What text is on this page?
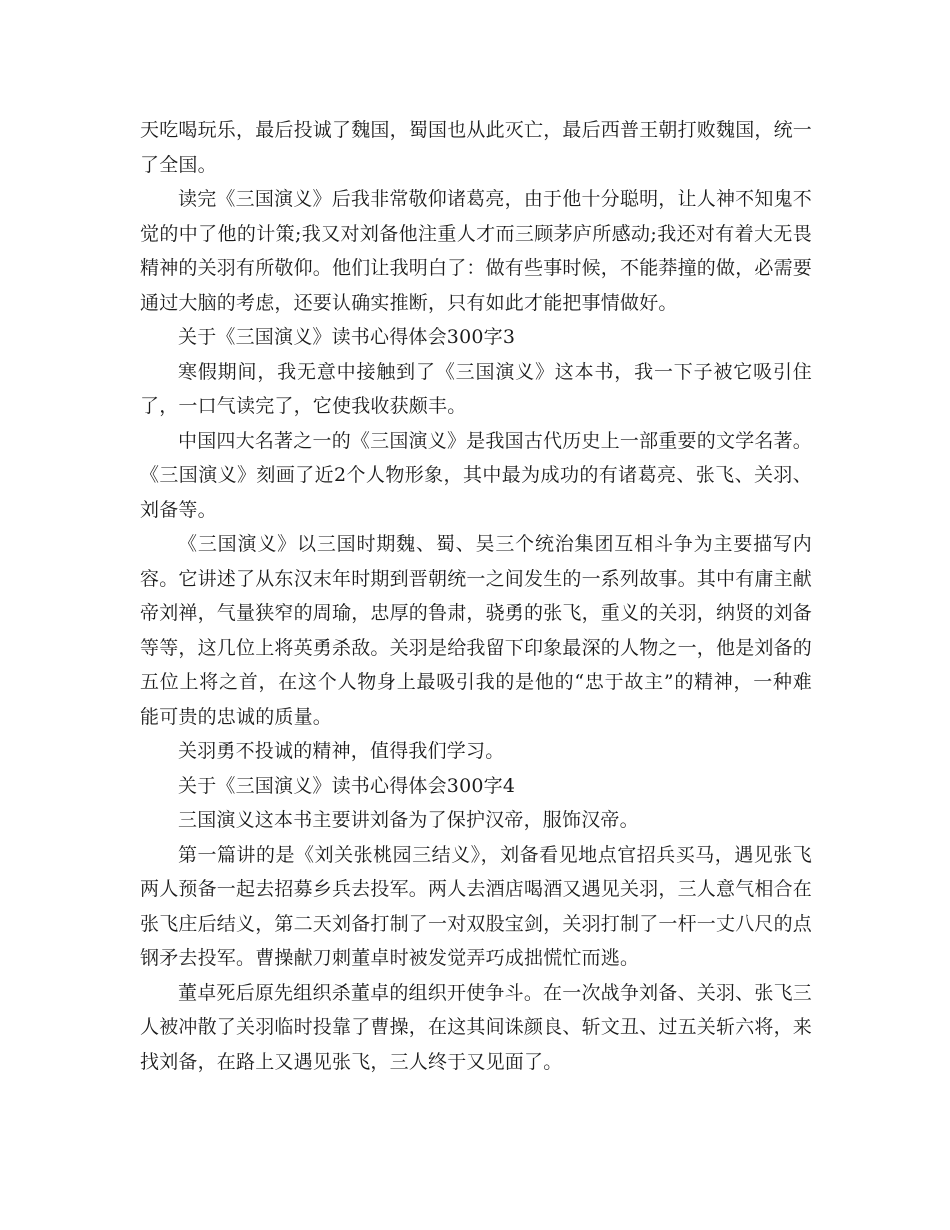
天吃喝玩乐，最后投诚了魏国，蜀国也从此灭亡，最后西普王朝打败魏国，统一了全国。

读完《三国演义》后我非常敬仰诸葛亮，由于他十分聪明，让人神不知鬼不觉的中了他的计策;我又对刘备他注重人才而三顾茅庐所感动;我还对有着大无畏精神的关羽有所敬仰。他们让我明白了：做有些事时候，不能莽撞的做，必需要通过大脑的考虑，还要认确实推断，只有如此才能把事情做好。

关于《三国演义》读书心得体会300字3

寒假期间，我无意中接触到了《三国演义》这本书，我一下子被它吸引住了，一口气读完了，它使我收获颇丰。

中国四大名著之一的《三国演义》是我国古代历史上一部重要的文学名著。《三国演义》刻画了近2个人物形象，其中最为成功的有诸葛亮、张飞、关羽、刘备等。

《三国演义》以三国时期魏、蜀、吴三个统治集团互相斗争为主要描写内容。它讲述了从东汉末年时期到晋朝统一之间发生的一系列故事。其中有庸主献帝刘禅，气量狭窄的周瑜，忠厚的鲁肃，骁勇的张飞，重义的关羽，纳贤的刘备等等，这几位上将英勇杀敌。关羽是给我留下印象最深的人物之一，他是刘备的五位上将之首，在这个人物身上最吸引我的是他的“忠于故主”的精神，一种难能可贵的忠诚的质量。

关羽勇不投诚的精神，值得我们学习。

关于《三国演义》读书心得体会300字4

三国演义这本书主要讲刘备为了保护汉帝，服饰汉帝。

第一篇讲的是《刘关张桃园三结义》，刘备看见地点官招兵买马，遇见张飞两人预备一起去招募乡兵去投军。两人去酒店喝酒又遇见关羽，三人意气相合在张飞庄后结义，第二天刘备打制了一对双股宝剑，关羽打制了一杆一丈八尺的点钢矛去投军。曹操献刀刺董卓时被发觉弄巧成拙慌忙而逃。

董卓死后原先组织杀董卓的组织开使争斗。在一次战争刘备、关羽、张飞三人被冲散了关羽临时投靠了曹操，在这其间诛颜良、斩文丑、过五关斩六将，来找刘备，在路上又遇见张飞，三人终于又见面了。
